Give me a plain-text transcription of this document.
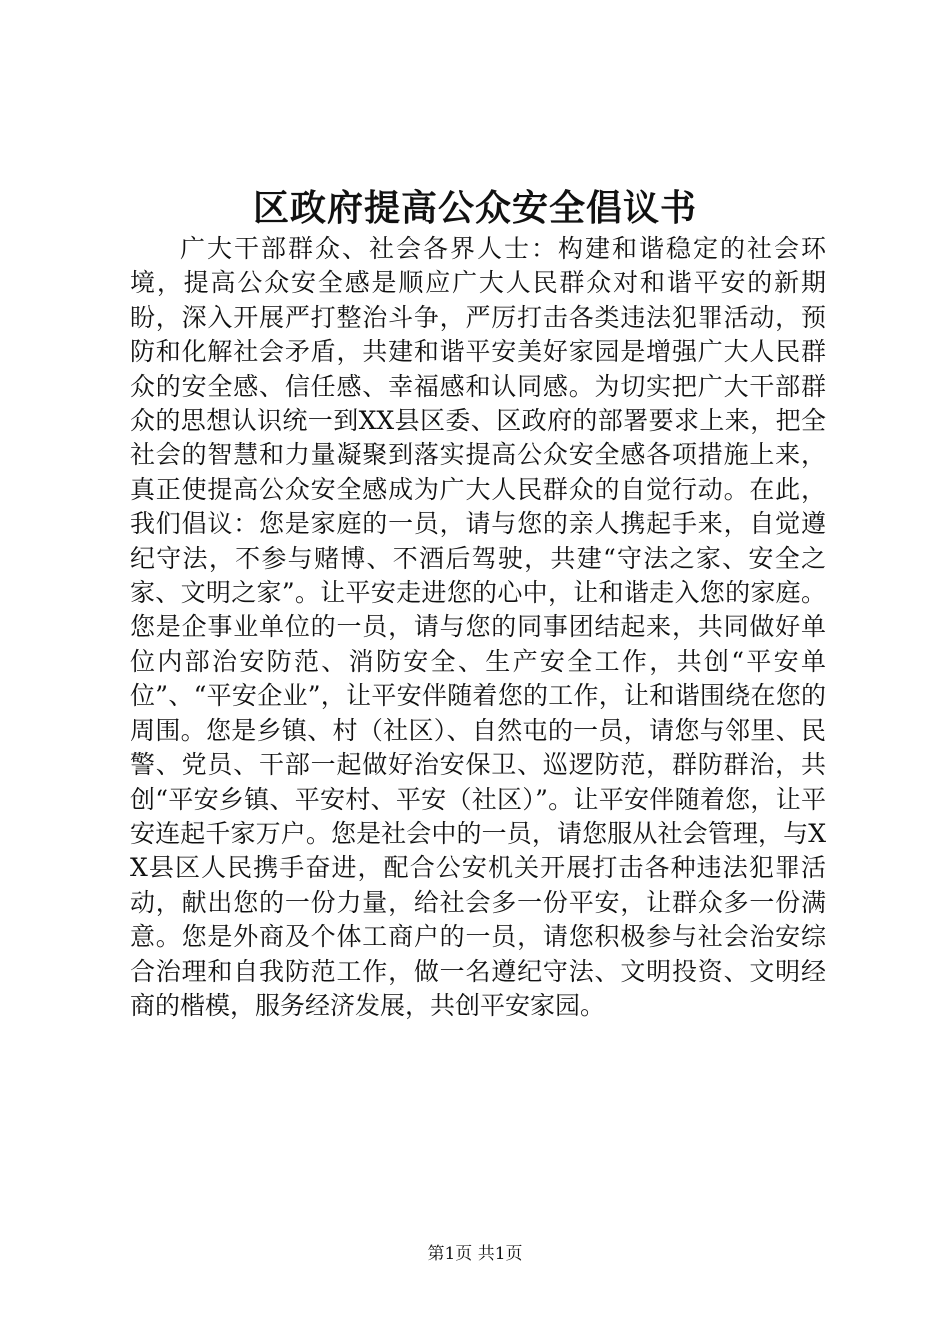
区政府提高公众安全倡议书

广大干部群众、社会各界人士：构建和谐稳定的社会环境，提高公众安全感是顺应广大人民群众对和谐平安的新期盼，深入开展严打整治斗争，严厉打击各类违法犯罪活动，预防和化解社会矛盾，共建和谐平安美好家园是增强广大人民群众的安全感、信任感、幸福感和认同感。为切实把广大干部群众的思想认识统一到XX县区委、区政府的部署要求上来，把全社会的智慧和力量凝聚到落实提高公众安全感各项措施上来，真正使提高公众安全感成为广大人民群众的自觉行动。在此，我们倡议：您是家庭的一员，请与您的亲人携起手来，自觉遵纪守法，不参与赌博、不酒后驾驶，共建“守法之家、安全之家、文明之家”。让平安走进您的心中，让和谐走入您的家庭。您是企事业单位的一员，请与您的同事团结起来，共同做好单位内部治安防范、消防安全、生产安全工作，共创“平安单位”、“平安企业”，让平安伴随着您的工作，让和谐围绕在您的周围。您是乡镇、村（社区）、自然屯的一员，请您与邻里、民警、党员、干部一起做好治安保卫、巡逻防范，群防群治，共创“平安乡镇、平安村、平安（社区）”。让平安伴随着您，让平安连起千家万户。您是社会中的一员，请您服从社会管理，与XX县区人民携手奋进，配合公安机关开展打击各种违法犯罪活动，献出您的一份力量，给社会多一份平安，让群众多一份满意。您是外商及个体工商户的一员，请您积极参与社会治安综合治理和自我防范工作，做一名遵纪守法、文明投资、文明经商的楷模，服务经济发展，共创平安家园。

第1页 共1页
